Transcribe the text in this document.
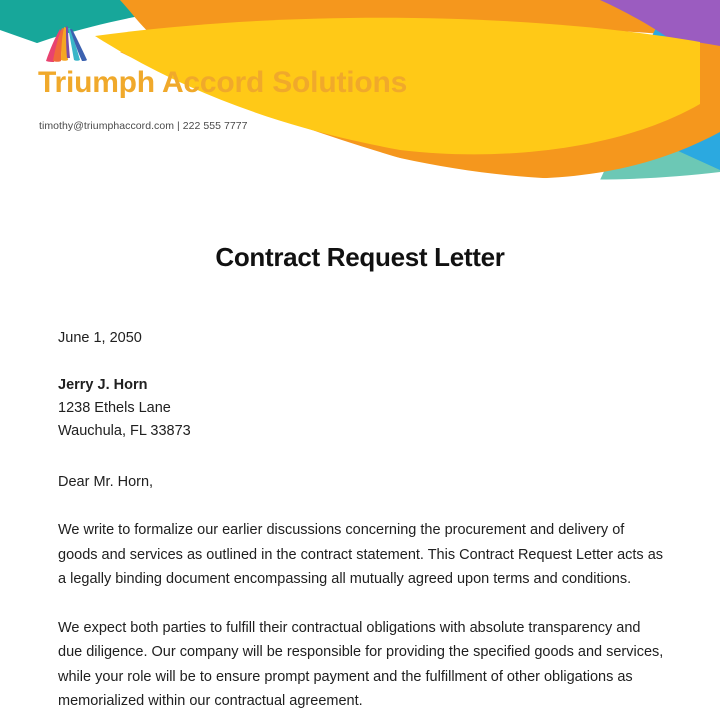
Triumph Accord Solutions
timothy@triumphaccord.com | 222 555 7777
Contract Request Letter
June 1, 2050
Jerry J. Horn
1238 Ethels Lane
Wauchula, FL 33873
Dear Mr. Horn,

We write to formalize our earlier discussions concerning the procurement and delivery of goods and services as outlined in the contract statement. This Contract Request Letter acts as a legally binding document encompassing all mutually agreed upon terms and conditions.

We expect both parties to fulfill their contractual obligations with absolute transparency and due diligence. Our company will be responsible for providing the specified goods and services, while your role will be to ensure prompt payment and the fulfillment of other obligations as memorialized within our contractual agreement.
